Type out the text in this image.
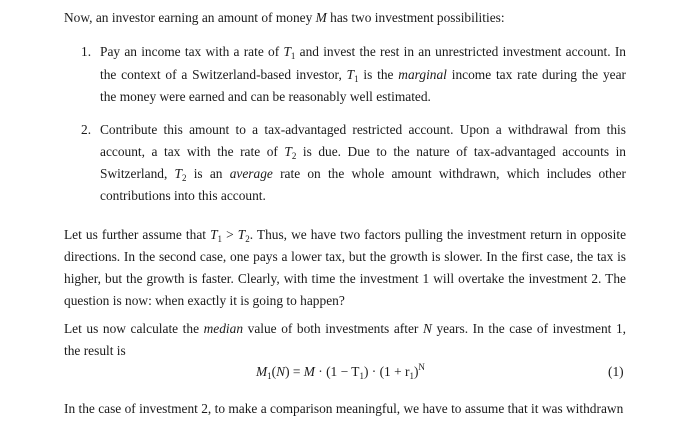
Now, an investor earning an amount of money M has two investment possibilities:
1. Pay an income tax with a rate of $T_1$ and invest the rest in an unrestricted investment account. In
the context of a Switzerland-based investor, $T_1$ is the marginal income tax rate during the year
the money were earned and can be reasonably well estimated.
2. Contribute this amount to a tax-advantaged restricted account. Upon a withdrawal from this
account, a tax with the rate of $T_2$ is due. Due to the nature of tax-advantaged accounts in
Switzerland, $T_2$ is an average rate on the whole amount withdrawn, which includes other
contributions into this account.
Let us further assume that $T_1 > T_2$. Thus, we have two factors pulling the investment return in opposite
directions. In the second case, one pays a lower tax, but the growth is slower. In the first case, the tax is
higher, but the growth is faster. Clearly, with time the investment 1 will overtake the investment 2. The
question is now: when exactly it is going to happen?
Let us now calculate the median value of both investments after N years. In the case of investment 1,
the result is
$M_1(N) = M \cdot (1 - T_1) \cdot (1 + r_1)^N$	(1)
In the case of investment 2, to make a comparison meaningful, we have to assume that it was withdrawn
